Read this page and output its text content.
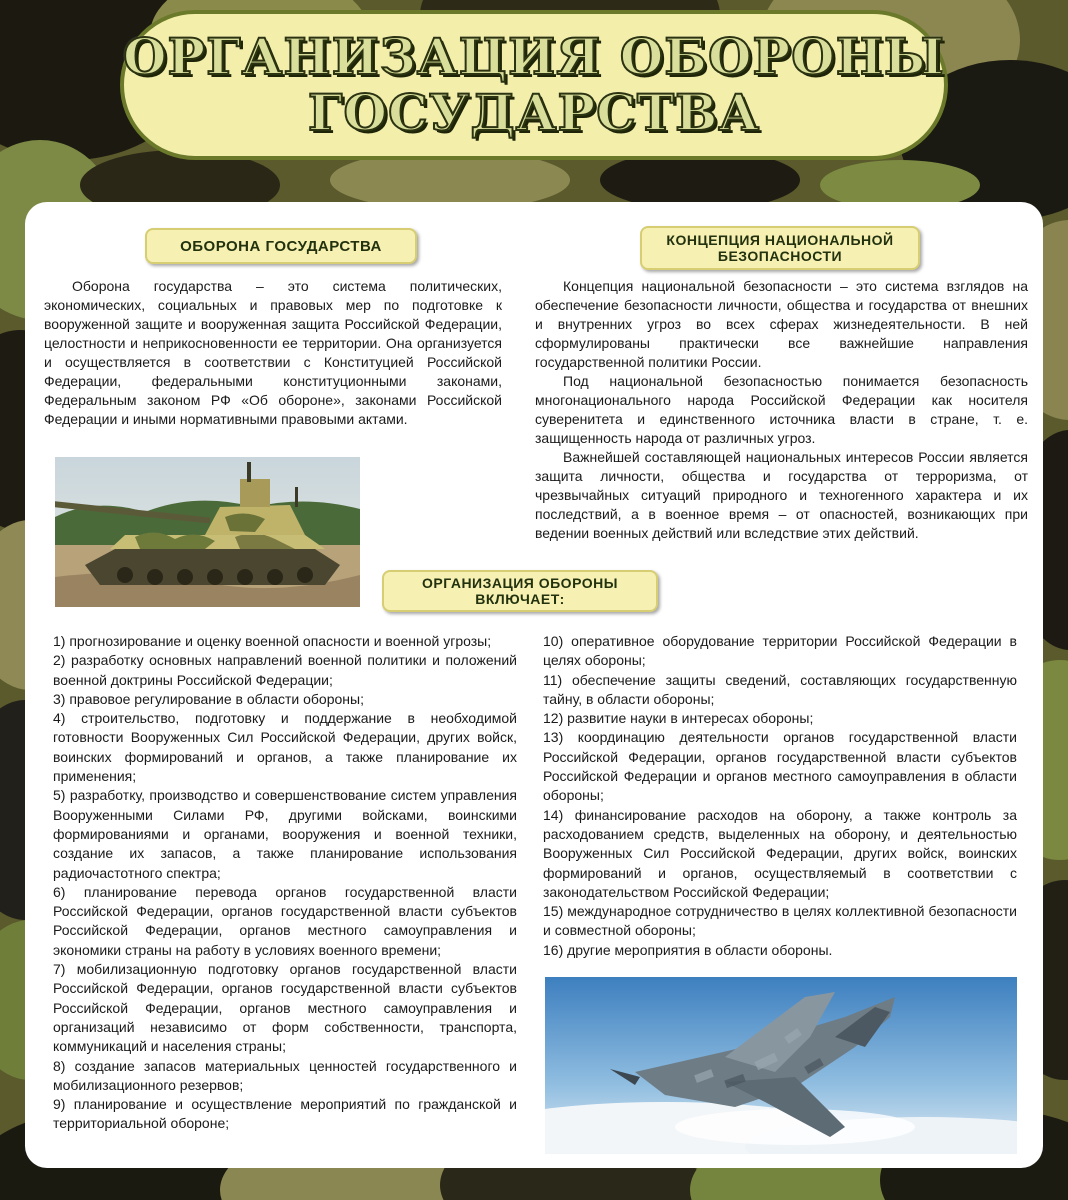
ОРГАНИЗАЦИЯ ОБОРОНЫ
ГОСУДАРСТВА
ОБОРОНА ГОСУДАРСТВА

Оборона государства – это система политических, экономических, социальных и правовых мер по подготовке к вооруженной защите и вооруженная защита Российской Федерации, целостности и неприкосновенности ее территории. Она организуется и осуществляется в соответствии с Конституцией Российской Федерации, федеральными конституционными законами, Федеральным законом РФ «Об обороне», законами Российской Федерации и иными нормативными правовыми актами.

КОНЦЕПЦИЯ НАЦИОНАЛЬНОЙ
БЕЗОПАСНОСТИ

Концепция национальной безопасности – это система взглядов на обеспечение безопасности личности, общества и государства от внешних и внутренних угроз во всех сферах жизнедеятельности. В ней сформулированы практически все важнейшие направления государственной политики России.

Под национальной безопасностью понимается безопасность многонационального народа Российской Федерации как носителя суверенитета и единственного источника власти в стране, т. е. защищенность народа от различных угроз.

Важнейшей составляющей национальных интересов России является защита личности, общества и государства от терроризма, от чрезвычайных ситуаций природного и техногенного характера и их последствий, а в военное время – от опасностей, возникающих при ведении военных действий или вследствие этих действий.

ОРГАНИЗАЦИЯ ОБОРОНЫ
ВКЛЮЧАЕТ:
1) прогнозирование и оценку военной опасности и военной угрозы;
2) разработку основных направлений военной политики и положений военной доктрины Российской Федерации;
3) правовое регулирование в области обороны;
4) строительство, подготовку и поддержание в необходимой готовности Вооруженных Сил Российской Федерации, других войск, воинских формирований и органов, а также планирование их применения;
5) разработку, производство и совершенствование систем управления Вооруженными Силами РФ, другими войсками, воинскими формированиями и органами, вооружения и военной техники, создание их запасов, а также планирование использования радиочастотного спектра;
6) планирование перевода органов государственной власти Российской Федерации, органов государственной власти субъектов Российской Федерации, органов местного самоуправления и экономики страны на работу в условиях военного времени;
7) мобилизационную подготовку органов государственной власти Российской Федерации, органов государственной власти субъектов Российской Федерации, органов местного самоуправления и организаций независимо от форм собственности, транспорта, коммуникаций и населения страны;
8) создание запасов материальных ценностей государственного и мобилизационного резервов;
9) планирование и осуществление мероприятий по гражданской и территориальной обороне;
10) оперативное оборудование территории Российской Федерации в целях обороны;
11) обеспечение защиты сведений, составляющих государственную тайну, в области обороны;
12) развитие науки в интересах обороны;
13) координацию деятельности органов государственной власти Российской Федерации, органов государственной власти субъектов Российской Федерации и органов местного самоуправления в области обороны;
14) финансирование расходов на оборону, а также контроль за расходованием средств, выделенных на оборону, и деятельностью Вооруженных Сил Российской Федерации, других войск, воинских формирований и органов, осуществляемый в соответствии с законодательством Российской Федерации;
15) международное сотрудничество в целях коллективной безопасности и совместной обороны;
16) другие мероприятия в области обороны.
